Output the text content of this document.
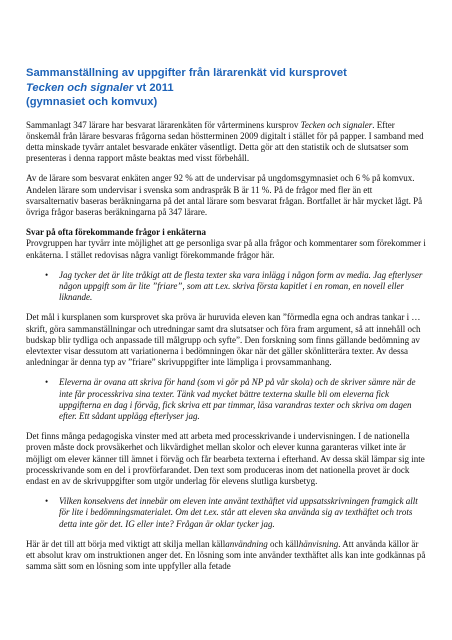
Sammanställning av uppgifter från lärarenkät vid kursprovet
Tecken och signaler vt 2011
(gymnasiet och komvux)

Sammanlagt 347 lärare har besvarat lärarenkäten för vårterminens kursprov Tecken och signaler. Efter önskemål från lärare besvaras frågorna sedan höstterminen 2009 digitalt i stället för på papper. I samband med detta minskade tyvärr antalet besvarade enkäter väsentligt. Detta gör att den statistik och de slutsatser som presenteras i denna rapport måste beaktas med visst förbehåll.

Av de lärare som besvarat enkäten anger 92 % att de undervisar på ungdomsgymnasiet och 6 % på komvux. Andelen lärare som undervisar i svenska som andraspråk B är 11 %. På de frågor med fler än ett svarsalternativ baseras beräkningarna på det antal lärare som besvarat frågan. Bortfallet är här mycket lågt. På övriga frågor baseras beräkningarna på 347 lärare.

Svar på ofta förekommande frågor i enkäterna

Provgruppen har tyvärr inte möjlighet att ge personliga svar på alla frågor och kommentarer som förekommer i enkäterna. I stället redovisas några vanligt förekommande frågor här.

• Jag tycker det är lite tråkigt att de flesta texter ska vara inlägg i någon form av media. Jag efterlyser någon uppgift som är lite ”friare”, som att t.ex. skriva första kapitlet i en roman, en novell eller liknande.

Det mål i kursplanen som kursprovet ska pröva är huruvida eleven kan ”förmedla egna och andras tankar i … skrift, göra sammanställningar och utredningar samt dra slutsatser och föra fram argument, så att innehåll och budskap blir tydliga och anpassade till målgrupp och syfte”. Den forskning som finns gällande bedömning av elevtexter visar dessutom att variationerna i bedömningen ökar när det gäller skönlitterära texter. Av dessa anledningar är denna typ av ”friare” skrivuppgifter inte lämpliga i provsammanhang.

• Eleverna är ovana att skriva för hand (som vi gör på NP på vår skola) och de skriver sämre när de inte får processkriva sina texter. Tänk vad mycket bättre texterna skulle bli om eleverna fick uppgifterna en dag i förväg, fick skriva ett par timmar, läsa varandras texter och skriva om dagen efter. Ett sådant upplägg efterlyser jag.

Det finns många pedagogiska vinster med att arbeta med processkrivande i undervisningen. I de nationella proven måste dock provsäkerhet och likvärdighet mellan skolor och elever kunna garanteras vilket inte är möjligt om elever känner till ämnet i förväg och får bearbeta texterna i efterhand. Av dessa skäl lämpar sig inte processkrivande som en del i provförfarandet. Den text som produceras inom det nationella provet är dock endast en av de skrivuppgifter som utgör underlag för elevens slutliga kursbetyg.

• Vilken konsekvens det innebär om eleven inte använt texthäftet vid uppsatsskrivningen framgick allt för lite i bedömningsmaterialet. Om det t.ex. står att eleven ska använda sig av texthäftet och trots detta inte gör det. IG eller inte? Frågan är oklar tycker jag.

Här är det till att börja med viktigt att skilja mellan källanvändning och källhänvisning. Att använda källor är ett absolut krav om instruktionen anger det. En lösning som inte använder texthäftet alls kan inte godkännas på samma sätt som en lösning som inte uppfyller alla fetade
